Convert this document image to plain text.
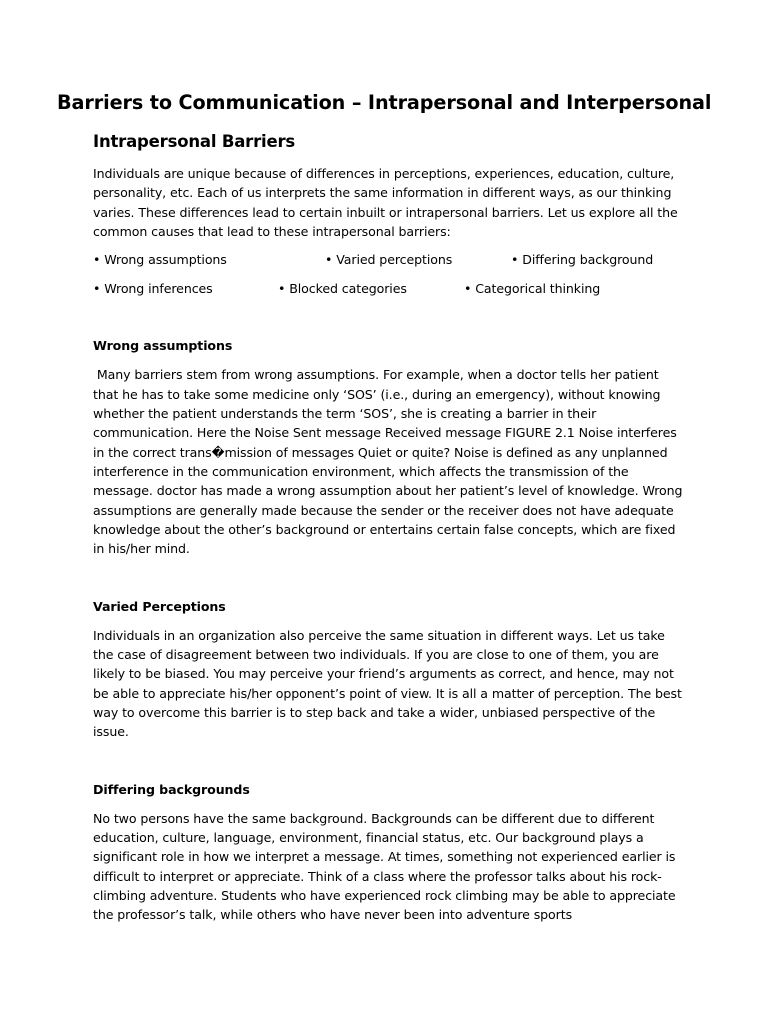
Barriers to Communication – Intrapersonal and Interpersonal
Intrapersonal Barriers

Individuals are unique because of differences in perceptions, experiences, education, culture, personality, etc. Each of us interprets the same information in different ways, as our thinking varies. These differences lead to certain inbuilt or intrapersonal barriers. Let us explore all the common causes that lead to these intrapersonal barriers:

• Wrong assumptions	• Varied perceptions	• Differing background
• Wrong inferences	• Blocked categories	• Categorical thinking
Wrong assumptions

Many barriers stem from wrong assumptions. For example, when a doctor tells her patient that he has to take some medicine only ‘SOS’ (i.e., during an emergency), without knowing whether the patient understands the term ‘SOS’, she is creating a barrier in their communication. Here the Noise Sent message Received message FIGURE 2.1 Noise interferes in the correct trans�mission of messages Quiet or quite? Noise is defined as any unplanned interference in the communication environment, which affects the transmission of the message. doctor has made a wrong assumption about her patient’s level of knowledge. Wrong assumptions are generally made because the sender or the receiver does not have adequate knowledge about the other’s background or entertains certain false concepts, which are fixed in his/her mind.

Varied Perceptions

Individuals in an organization also perceive the same situation in different ways. Let us take the case of disagreement between two individuals. If you are close to one of them, you are likely to be biased. You may perceive your friend’s arguments as correct, and hence, may not be able to appreciate his/her opponent’s point of view. It is all a matter of perception. The best way to overcome this barrier is to step back and take a wider, unbiased perspective of the issue.

Differing backgrounds

No two persons have the same background. Backgrounds can be different due to different education, culture, language, environment, financial status, etc. Our background plays a significant role in how we interpret a message. At times, something not experienced earlier is difficult to interpret or appreciate. Think of a class where the professor talks about his rock-climbing adventure. Students who have experienced rock climbing may be able to appreciate the professor’s talk, while others who have never been into adventure sports
